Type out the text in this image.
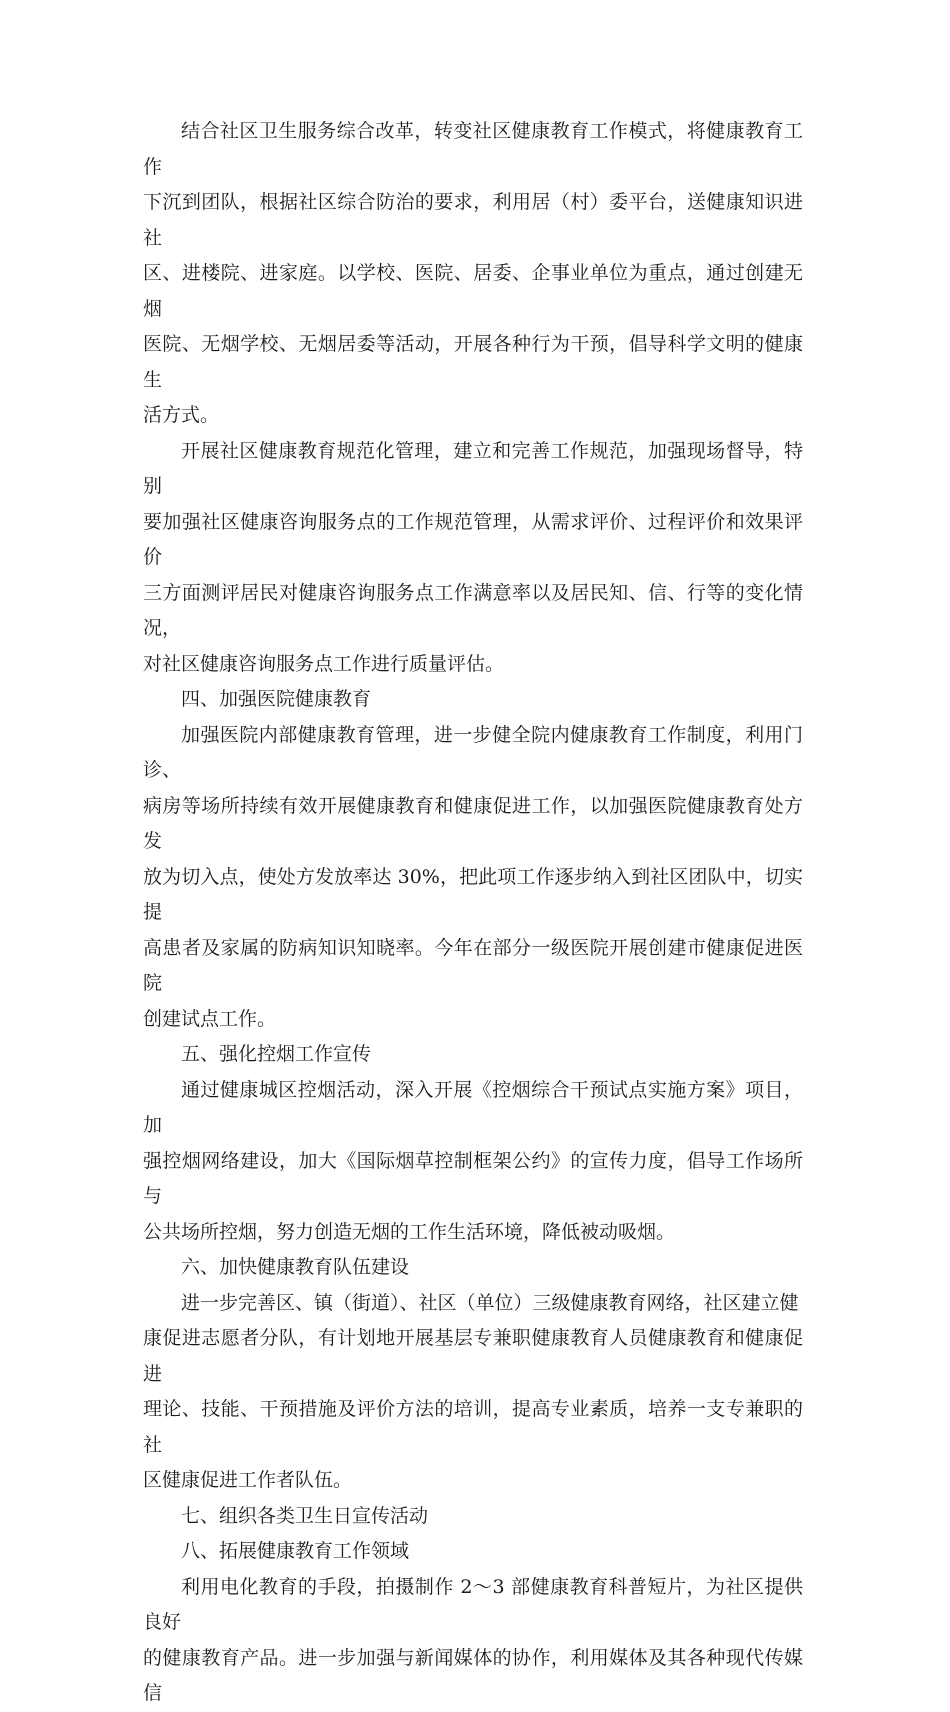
结合社区卫生服务综合改革，转变社区健康教育工作模式，将健康教育工作
下沉到团队，根据社区综合防治的要求，利用居（村）委平台，送健康知识进社
区、进楼院、进家庭。以学校、医院、居委、企事业单位为重点，通过创建无烟
医院、无烟学校、无烟居委等活动，开展各种行为干预，倡导科学文明的健康生
活方式。

开展社区健康教育规范化管理，建立和完善工作规范，加强现场督导，特别
要加强社区健康咨询服务点的工作规范管理，从需求评价、过程评价和效果评价
三方面测评居民对健康咨询服务点工作满意率以及居民知、信、行等的变化情况，
对社区健康咨询服务点工作进行质量评估。

四、加强医院健康教育

加强医院内部健康教育管理，进一步健全院内健康教育工作制度，利用门诊、
病房等场所持续有效开展健康教育和健康促进工作，以加强医院健康教育处方发
放为切入点，使处方发放率达 30%，把此项工作逐步纳入到社区团队中，切实提
高患者及家属的防病知识知晓率。今年在部分一级医院开展创建市健康促进医院
创建试点工作。

五、强化控烟工作宣传

通过健康城区控烟活动，深入开展《控烟综合干预试点实施方案》项目，加
强控烟网络建设，加大《国际烟草控制框架公约》的宣传力度，倡导工作场所与
公共场所控烟，努力创造无烟的工作生活环境，降低被动吸烟。

六、加快健康教育队伍建设

进一步完善区、镇（街道）、社区（单位）三级健康教育网络，社区建立健
康促进志愿者分队，有计划地开展基层专兼职健康教育人员健康教育和健康促进
理论、技能、干预措施及评价方法的培训，提高专业素质，培养一支专兼职的社
区健康促进工作者队伍。

七、组织各类卫生日宣传活动

八、拓展健康教育工作领域

利用电化教育的手段，拍摄制作 2～3 部健康教育科普短片，为社区提供良好
的健康教育产品。进一步加强与新闻媒体的协作，利用媒体及其各种现代传媒信
